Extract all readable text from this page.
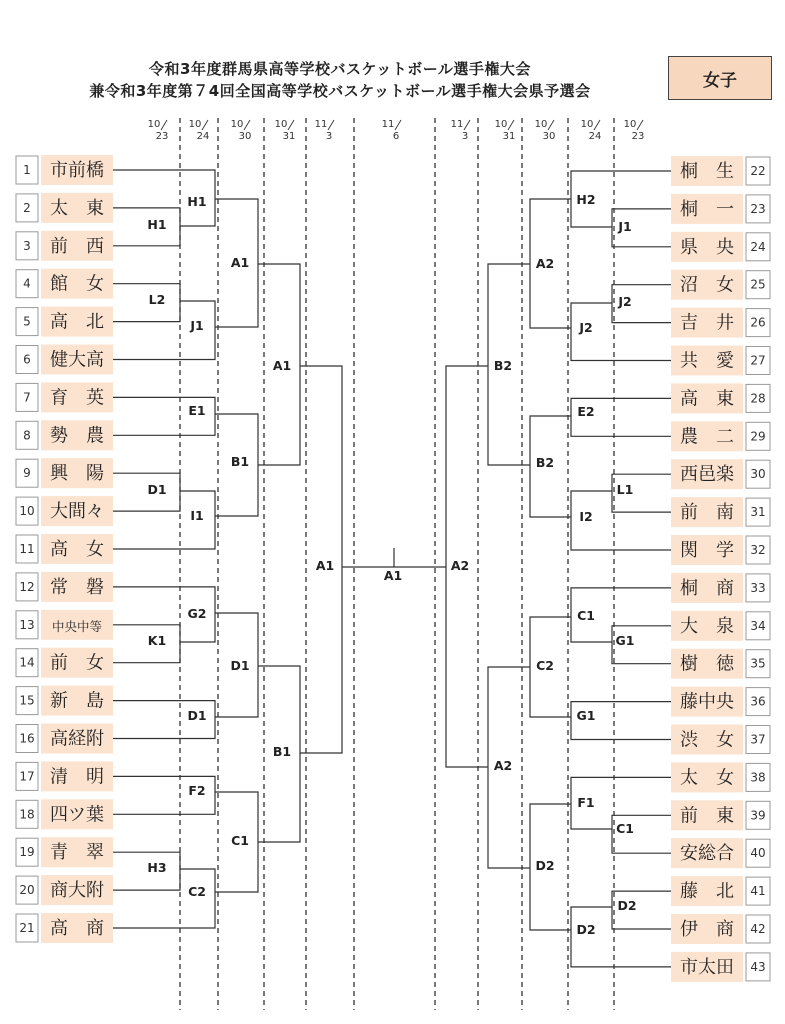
令和3年度群馬県高等学校バスケットボール選手権大会
兼令和3年度第７4回全国高等学校バスケットボール選手権大会県予選会
女子
10
23
10
24
10
30
10
31
11
3
11
6
11
3
10
31
10
30
10
24
10
23
1 市前橋
2 太　東
3 前　西
4 館　女
5 高　北
6 健大高
7 育　英
8 勢　農
9 興　陽
10 大間々
11 高　女
12 常　磐
13 中央中等
14 前　女
15 新　島
16 高経附
17 清　明
18 四ツ葉
19 青　翠
20 商大附
21 高　商
桐　生 22
桐　一 23
県　央 24
沼　女 25
吉　井 26
共　愛 27
高　東 28
農　二 29
西邑楽 30
前　南 31
関　学 32
桐　商 33
大　泉 34
樹　徳 35
藤中央 36
渋　女 37
太　女 38
前　東 39
安総合 40
藤　北 41
伊　商 42
市太田 43
H1
H1
L2
J1
A1
E1
D1
I1
B1
A1
K1
G2
D1
D1
F2
H3
C2
C1
B1
A1
A1
J1
H2
J2
J2
A2
E2
L1
I2
B2
B2
G1
C1
G1
C2
F1
C1
D2
D2
D2
A2
A2
